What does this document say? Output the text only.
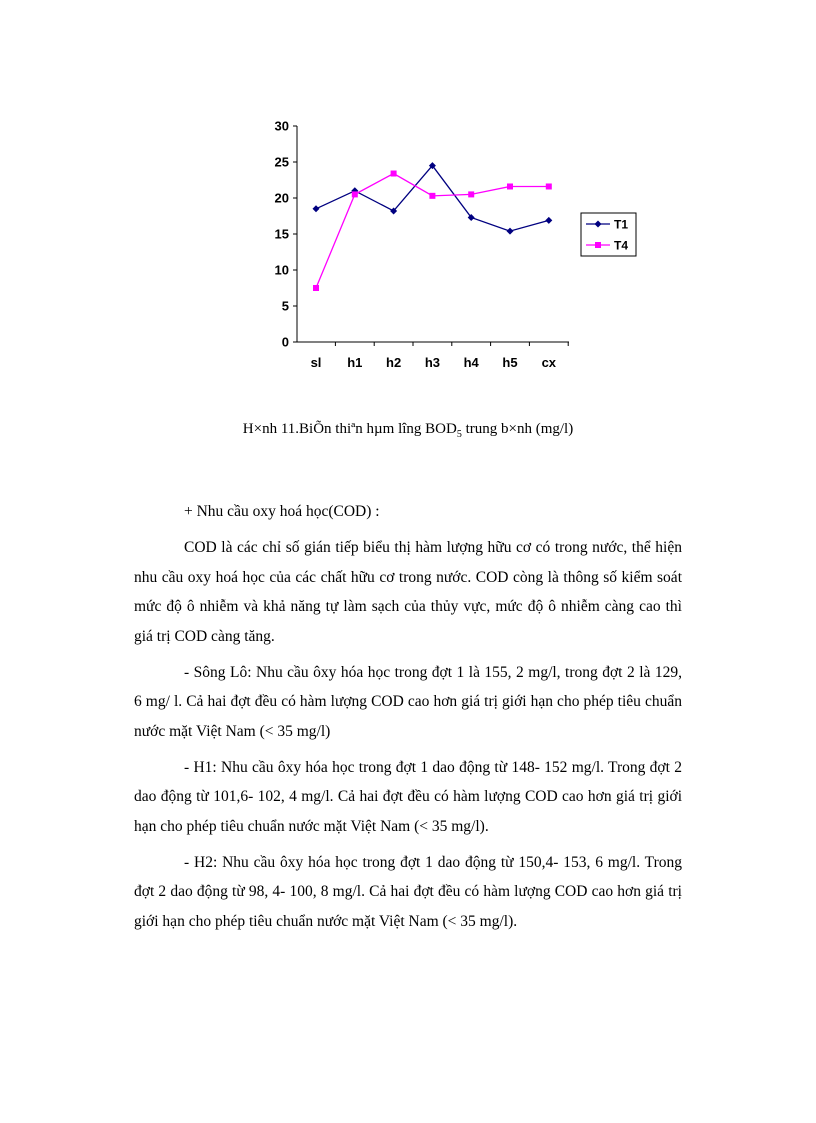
0
5
10
15
20
25
30
sl h1 h2 h3 h4 h5 cx
T1
T4
H×nh 11.BiÕn thiªn hµm lîng $BOD_5$ trung b×nh (mg/l)
+ Nhu cầu oxy hoá học(COD) :

COD là các chỉ số gián tiếp biểu thị hàm lượng hữu cơ có trong nước, thể hiện nhu cầu oxy hoá học của các chất hữu cơ trong nước. COD còng là thông số kiểm soát mức độ ô nhiễm và khả năng tự làm sạch của thủy vực, mức độ ô nhiễm càng cao thì giá trị COD càng tăng.

- Sông Lô: Nhu cầu ôxy hóa học trong đợt 1 là 155, 2 mg/l, trong đợt 2 là 129, 6 mg/ l. Cả hai đợt đều có hàm lượng COD cao hơn giá trị giới hạn cho phép tiêu chuẩn nước mặt Việt Nam (< 35 mg/l)

- H1: Nhu cầu ôxy hóa học trong đợt 1 dao động từ 148- 152 mg/l. Trong đợt 2 dao động từ 101,6- 102, 4 mg/l. Cả hai đợt đều có hàm lượng COD cao hơn giá trị giới hạn cho phép tiêu chuẩn nước mặt Việt Nam (< 35 mg/l).

- H2: Nhu cầu ôxy hóa học trong đợt 1 dao động từ 150,4- 153, 6 mg/l. Trong đợt 2 dao động từ 98, 4- 100, 8 mg/l. Cả hai đợt đều có hàm lượng COD cao hơn giá trị giới hạn cho phép tiêu chuẩn nước mặt Việt Nam (< 35 mg/l).
